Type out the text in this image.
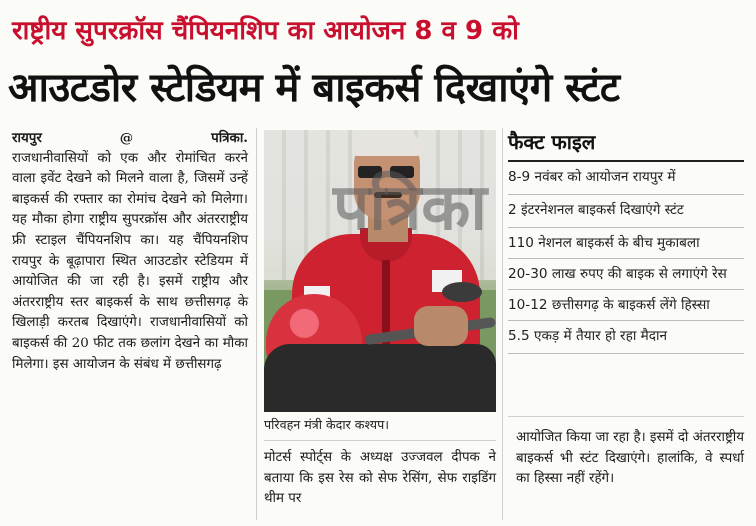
राष्ट्रीय सुपरक्रॉस चैंपियनशिप का आयोजन 8 व 9 को
आउटडोर स्टेडियम में बाइकर्स दिखाएंगे स्टंट
रायपुर	@	पत्रिका.
राजधानीवासियों को एक और रोमांचित करने वाला इवेंट देखने को मिलने वाला है, जिसमें उन्हें बाइकर्स की रफ्तार का रोमांच देखने को मिलेगा। यह मौका होगा राष्ट्रीय सुपरक्रॉस और अंतरराष्ट्रीय फ्री स्टाइल चैंपियनशिप का। यह चैंपियनशिप रायपुर के बूढ़ापारा स्थित आउटडोर स्टेडियम में आयोजित की जा रही है। इसमें राष्ट्रीय और अंतरराष्ट्रीय स्तर बाइकर्स के साथ छत्तीसगढ़ के खिलाड़ी करतब दिखाएंगे। राजधानीवासियों को बाइकर्स की 20 फीट तक छलांग देखने का मौका मिलेगा। इस आयोजन के संबंध में छत्तीसगढ़
परिवहन मंत्री केदार कश्यप।
मोटर्स स्पोर्ट्स के अध्यक्ष उज्जवल दीपक ने बताया कि इस रेस को सेफ रेसिंग, सेफ राइडिंग थीम पर
फैक्ट फाइल
8-9 नवंबर को आयोजन रायपुर में
2 इंटरनेशनल बाइकर्स दिखाएंगे स्टंट
110 नेशनल बाइकर्स के बीच मुकाबला
20-30 लाख रुपए की बाइक से लगाएंगे रेस
10-12 छत्तीसगढ़ के बाइकर्स लेंगे हिस्सा
5.5 एकड़ में तैयार हो रहा मैदान
आयोजित किया जा रहा है। इसमें दो अंतरराष्ट्रीय बाइकर्स भी स्टंट दिखाएंगे। हालांकि, वे स्पर्धा का हिस्सा नहीं रहेंगे।
पत्रिका
